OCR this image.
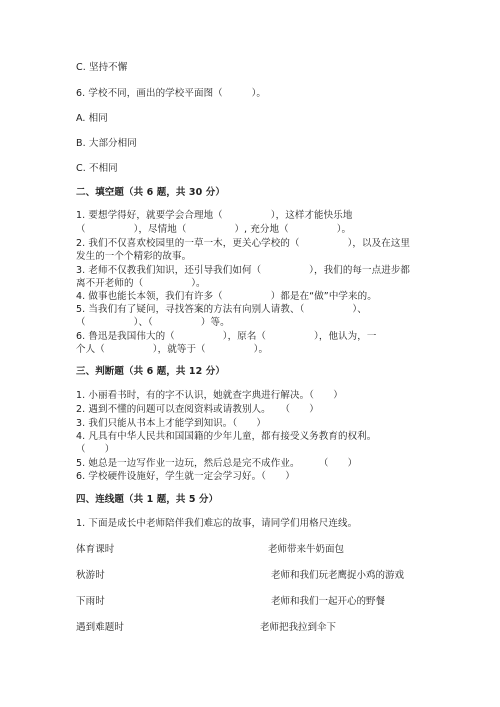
C. 坚持不懈
6. 学校不同，画出的学校平面图（　　　）。
A. 相同
B. 大部分相同
C. 不相同
二、填空题（共 6 题，共 30 分）
1. 要想学得好，就要学会合理地（　　　　　），这样才能快乐地
（　　　　　），尽情地（　　　　　）, 充分地（　　　　　）。
2. 我们不仅喜欢校园里的一草一木，更关心学校的（　　　　　），以及在这里
发生的一个个精彩的故事。
3. 老师不仅教我们知识，还引导我们如何（　　　　　），我们的每一点进步都
离不开老师的（　　　　　）。
4. 做事也能长本领，我们有许多（　　　　　）都是在“做”中学来的。
5. 当我们有了疑问，寻找答案的方法有向别人请教、（　　　　　）、
（　　　　　）、（　　　　　）等。
6. 鲁迅是我国伟大的（　　　　　），原名（　　　　　），他认为，一
个人（　　　　　），就等于（　　　　　）。
三、判断题（共 6 题，共 12 分）
1. 小丽看书时，有的字不认识，她就查字典进行解决。（　　）
2. 遇到不懂的问题可以查阅资料或请教别人。　　（　　）
3. 我们只能从书本上才能学到知识。（　　）
4. 凡具有中华人民共和国国籍的少年儿童，都有接受义务教育的权利。
（　　）
5. 她总是一边写作业一边玩，然后总是完不成作业。　　　（　　）
6. 学校硬件设施好，学生就一定会学习好。（　　）
四、连线题（共 1 题，共 5 分）
1. 下面是成长中老师陪伴我们难忘的故事，请同学们用格尺连线。
体育课时	老师带来牛奶面包
秋游时	老师和我们玩老鹰捉小鸡的游戏
下雨时	老师和我们一起开心的野餐
遇到难题时	老师把我拉到伞下
